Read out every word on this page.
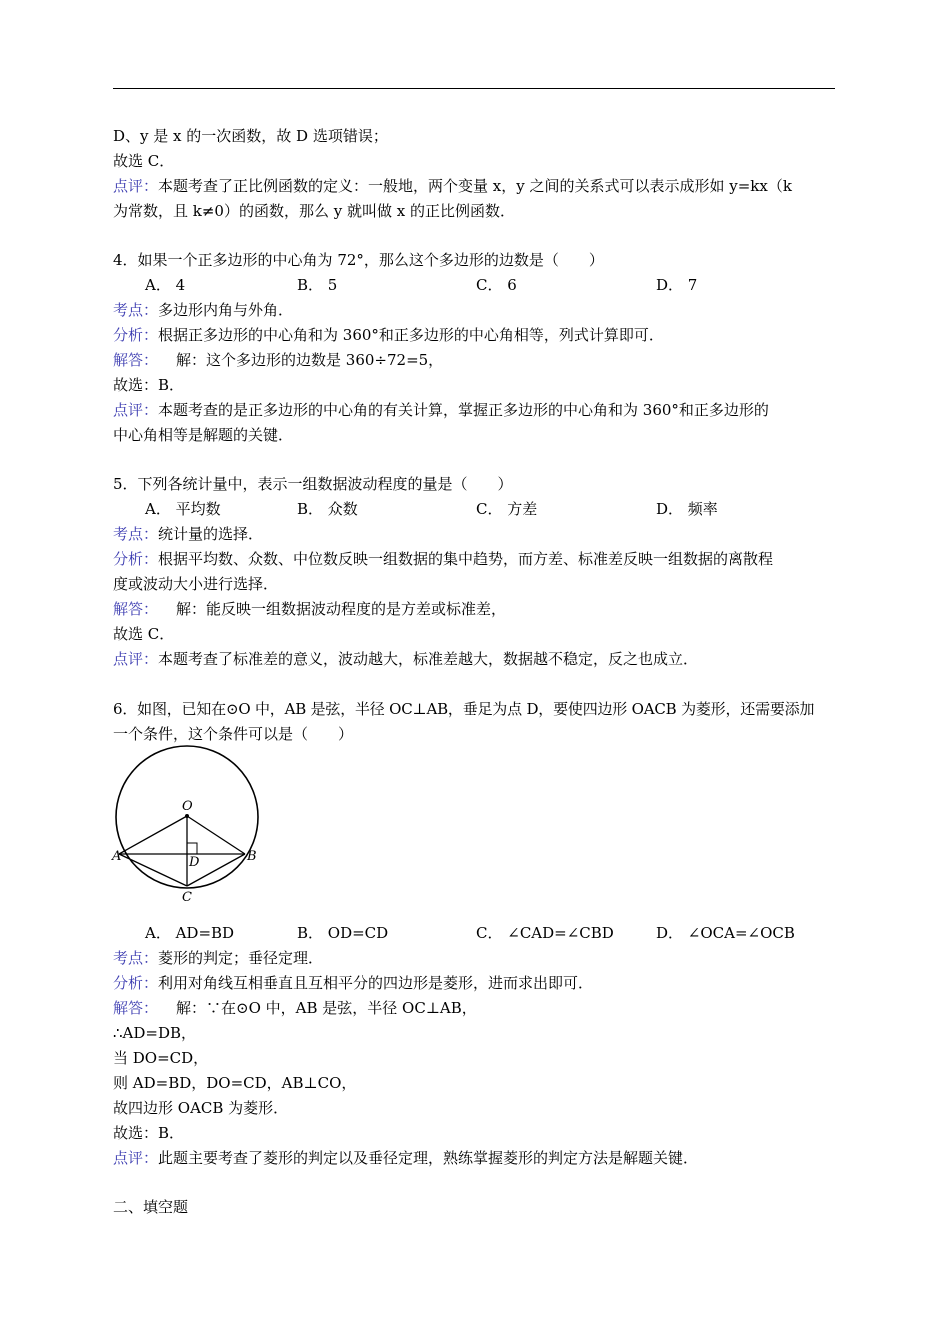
D、y 是 x 的一次函数，故 D 选项错误；
故选 C．
点评：本题考查了正比例函数的定义：一般地，两个变量 x，y 之间的关系式可以表示成形如 y=kx（k
为常数，且 k≠0）的函数，那么 y 就叫做 x 的正比例函数．
4．如果一个正多边形的中心角为 72°，那么这个多边形的边数是（　　）
A． 4	B． 5	C． 6	D． 7
考点：多边形内角与外角．
分析：根据正多边形的中心角和为 360°和正多边形的中心角相等，列式计算即可．
解答： 解：这个多边形的边数是 360÷72=5，
故选：B．
点评：本题考查的是正多边形的中心角的有关计算，掌握正多边形的中心角和为 360°和正多边形的
中心角相等是解题的关键．
5．下列各统计量中，表示一组数据波动程度的量是（　　）
A． 平均数	B． 众数	C． 方差	D． 频率
考点：统计量的选择．
分析：根据平均数、众数、中位数反映一组数据的集中趋势，而方差、标准差反映一组数据的离散程
度或波动大小进行选择．
解答： 解：能反映一组数据波动程度的是方差或标准差，
故选 C．
点评：本题考查了标准差的意义，波动越大，标准差越大，数据越不稳定，反之也成立．
6．如图，已知在⊙O 中，AB 是弦，半径 OC⊥AB，垂足为点 D，要使四边形 OACB 为菱形，还需要添加
一个条件，这个条件可以是（　　）
O
A	B
C
D
A． AD=BD	B． OD=CD	C． ∠CAD=∠CBD	D． ∠OCA=∠OCB
考点：菱形的判定；垂径定理．
分析：利用对角线互相垂直且互相平分的四边形是菱形，进而求出即可．
解答： 解：∵在⊙O 中，AB 是弦，半径 OC⊥AB，
∴AD=DB，
当 DO=CD，
则 AD=BD，DO=CD，AB⊥CO，
故四边形 OACB 为菱形．
故选：B．
点评：此题主要考查了菱形的判定以及垂径定理，熟练掌握菱形的判定方法是解题关键．
二、填空题
